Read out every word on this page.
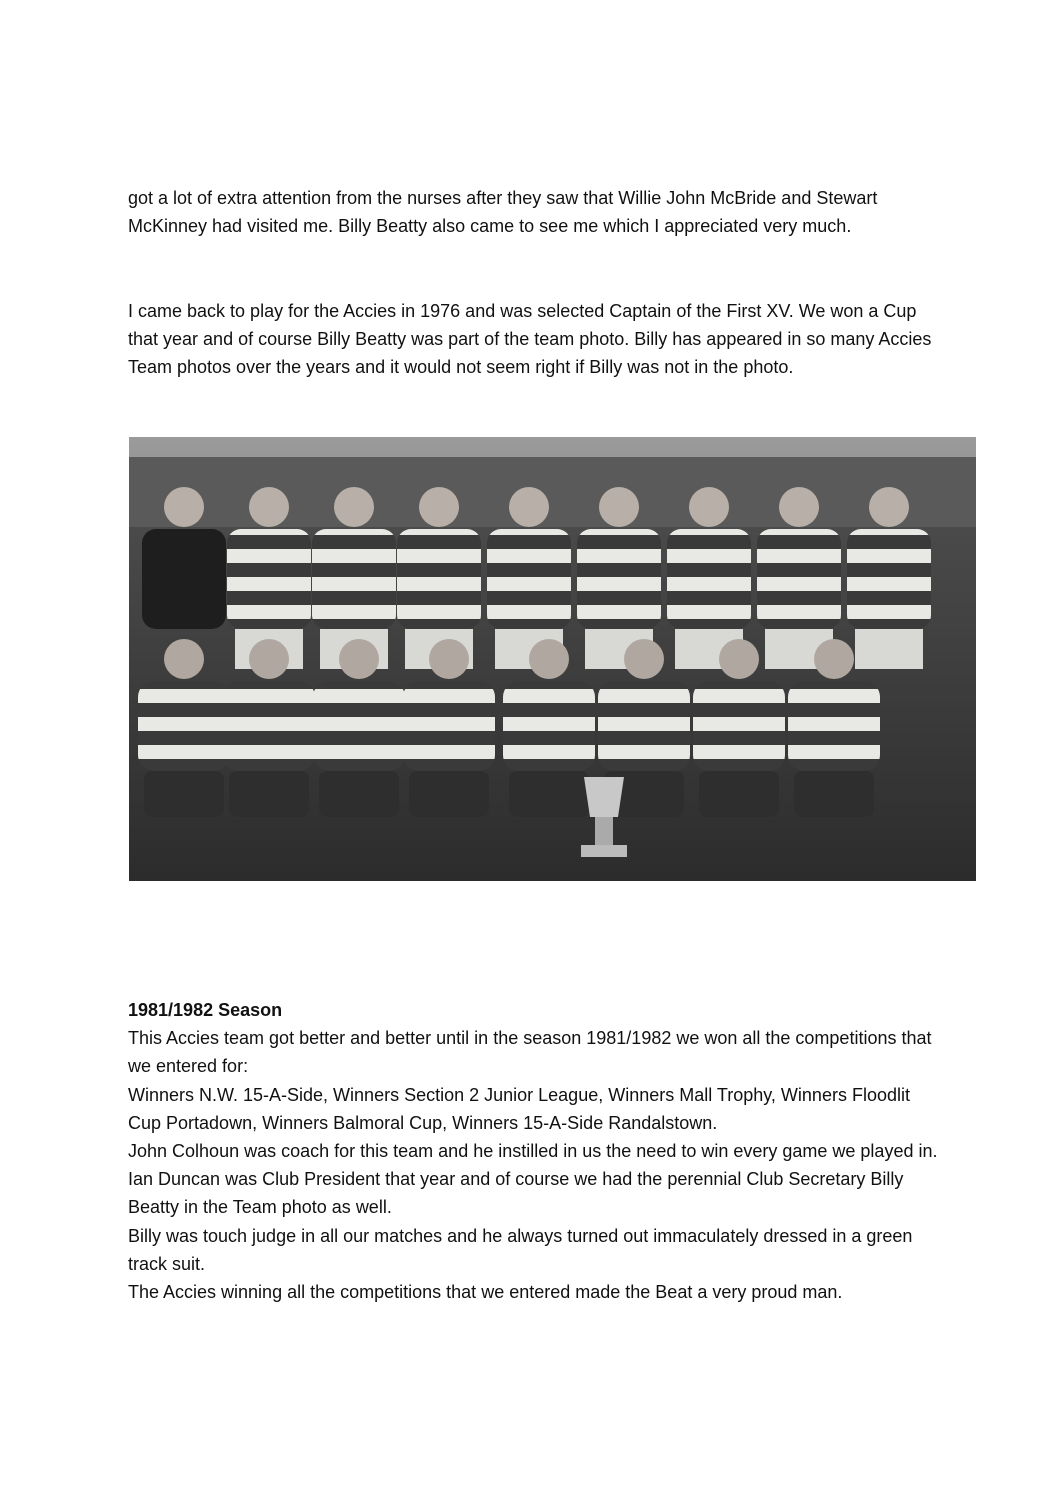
got a lot of extra attention from the nurses after they saw that Willie John McBride and Stewart McKinney had visited me. Billy Beatty also came to see me which I appreciated very much.

I came back to play for the Accies in 1976 and was selected Captain of the First XV. We won a Cup that year and of course Billy Beatty was part of the team photo. Billy has appeared in so many Accies Team photos over the years and it would not seem right if Billy was not in the photo.

1981/1982 Season
This Accies team got better and better until in the season 1981/1982 we won all the competitions that we entered for:
Winners N.W. 15-A-Side, Winners Section 2 Junior League, Winners Mall Trophy, Winners Floodlit Cup Portadown, Winners Balmoral Cup, Winners 15-A-Side Randalstown.
John Colhoun was coach for this team and he instilled in us the need to win every game we played in. Ian Duncan was Club President that year and of course we had the perennial Club Secretary Billy Beatty in the Team photo as well.
Billy was touch judge in all our matches and he always turned out immaculately dressed in a green track suit.
The Accies winning all the competitions that we entered made the Beat a very proud man.
